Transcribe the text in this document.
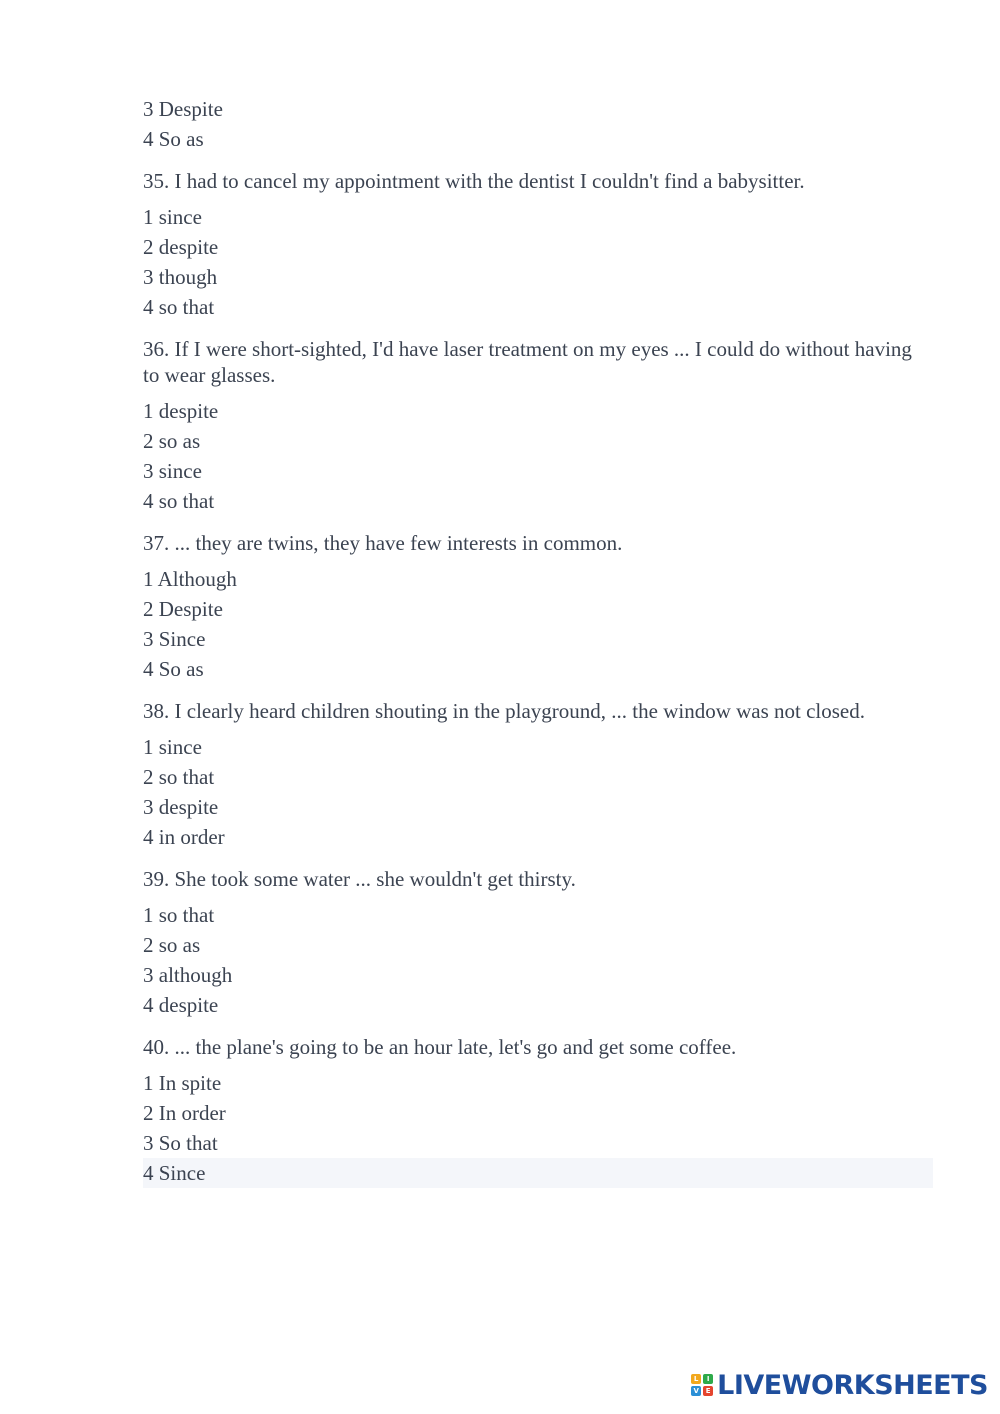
3 Despite
4 So as
35. I had to cancel my appointment with the dentist I couldn't find a babysitter.
1 since
2 despite
3 though
4 so that
36. If I were short-sighted, I'd have laser treatment on my eyes ... I could do without having to wear glasses.
1 despite
2 so as
3 since
4 so that
37. ... they are twins, they have few interests in common.
1 Although
2 Despite
3 Since
4 So as
38. I clearly heard children shouting in the playground, ... the window was not closed.
1 since
2 so that
3 despite
4 in order
39. She took some water ... she wouldn't get thirsty.
1 so that
2 so as
3 although
4 despite
40. ... the plane's going to be an hour late, let's go and get some coffee.
1 In spite
2 In order
3 So that
4 Since
L	I
V E LIVEWORKSHEETS
